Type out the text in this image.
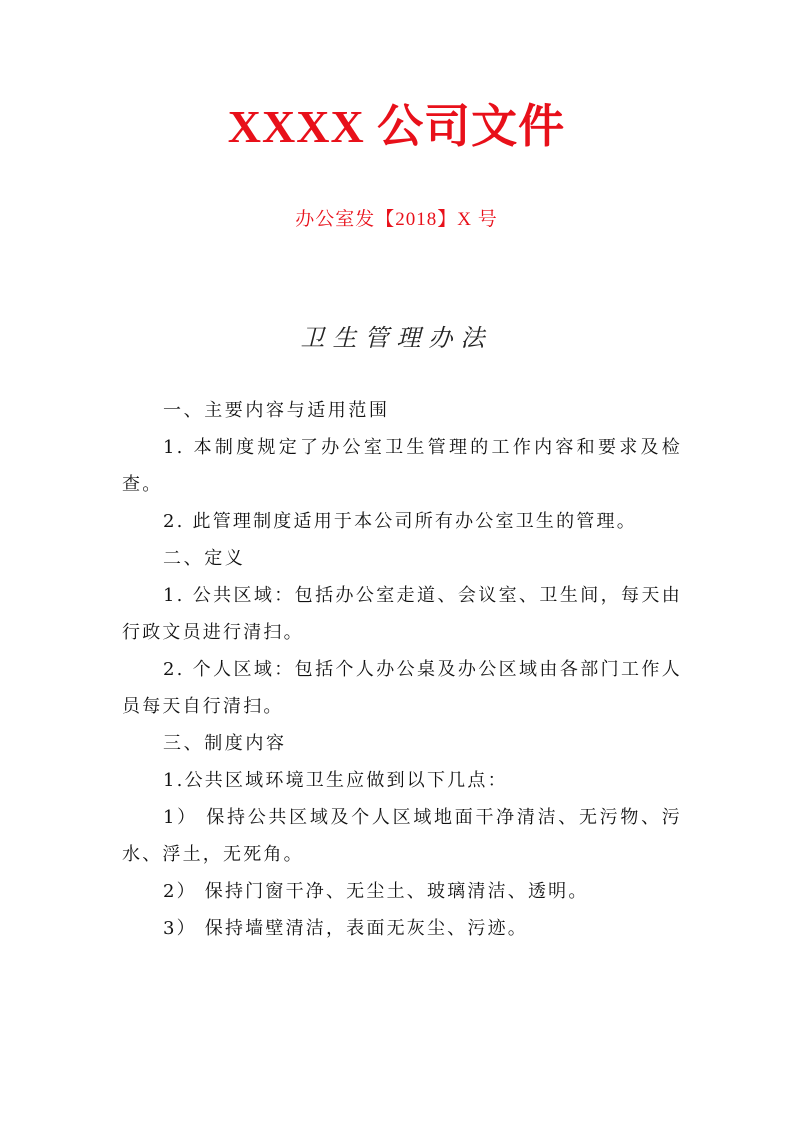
XXXX 公司文件
办公室发【2018】X 号
卫生管理办法

一、主要内容与适用范围

1. 本制度规定了办公室卫生管理的工作内容和要求及检查。

2. 此管理制度适用于本公司所有办公室卫生的管理。

二、定义

1. 公共区域：包括办公室走道、会议室、卫生间，每天由行政文员进行清扫。

2. 个人区域：包括个人办公桌及办公区域由各部门工作人员每天自行清扫。

三、制度内容

1.公共区域环境卫生应做到以下几点：

1） 保持公共区域及个人区域地面干净清洁、无污物、污水、浮土，无死角。

2） 保持门窗干净、无尘土、玻璃清洁、透明。

3） 保持墙壁清洁，表面无灰尘、污迹。
